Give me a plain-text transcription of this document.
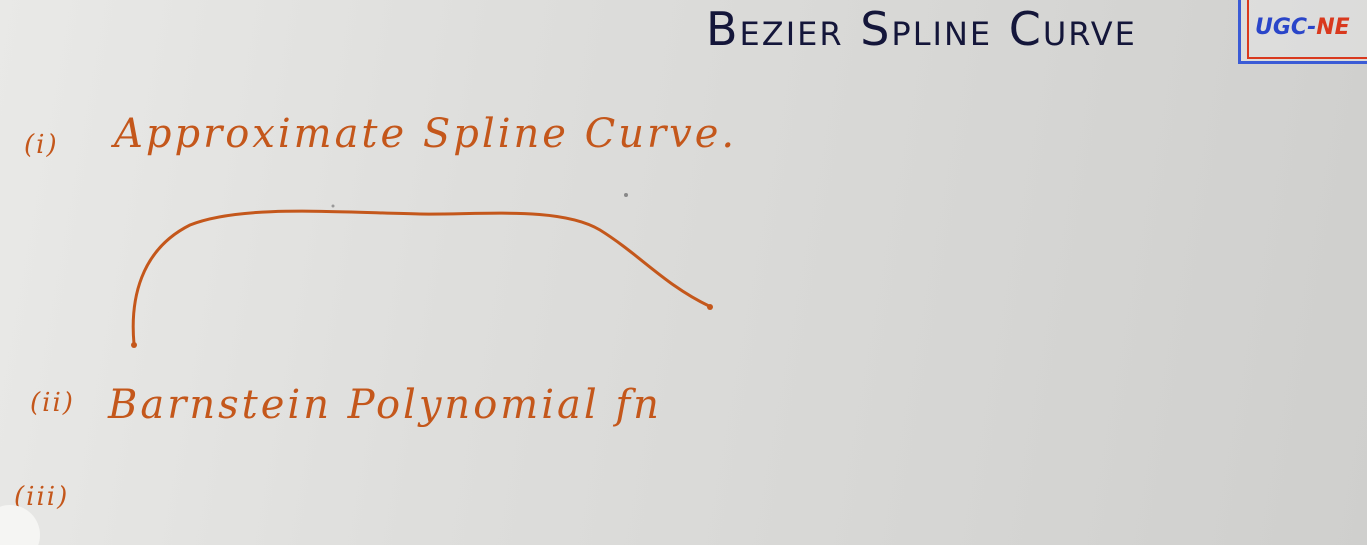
Bezier Spline Curve	UGC-NE
(i) Approximate Spline Curve.
(ii) Barnstein Polynomial fn
(iii)
